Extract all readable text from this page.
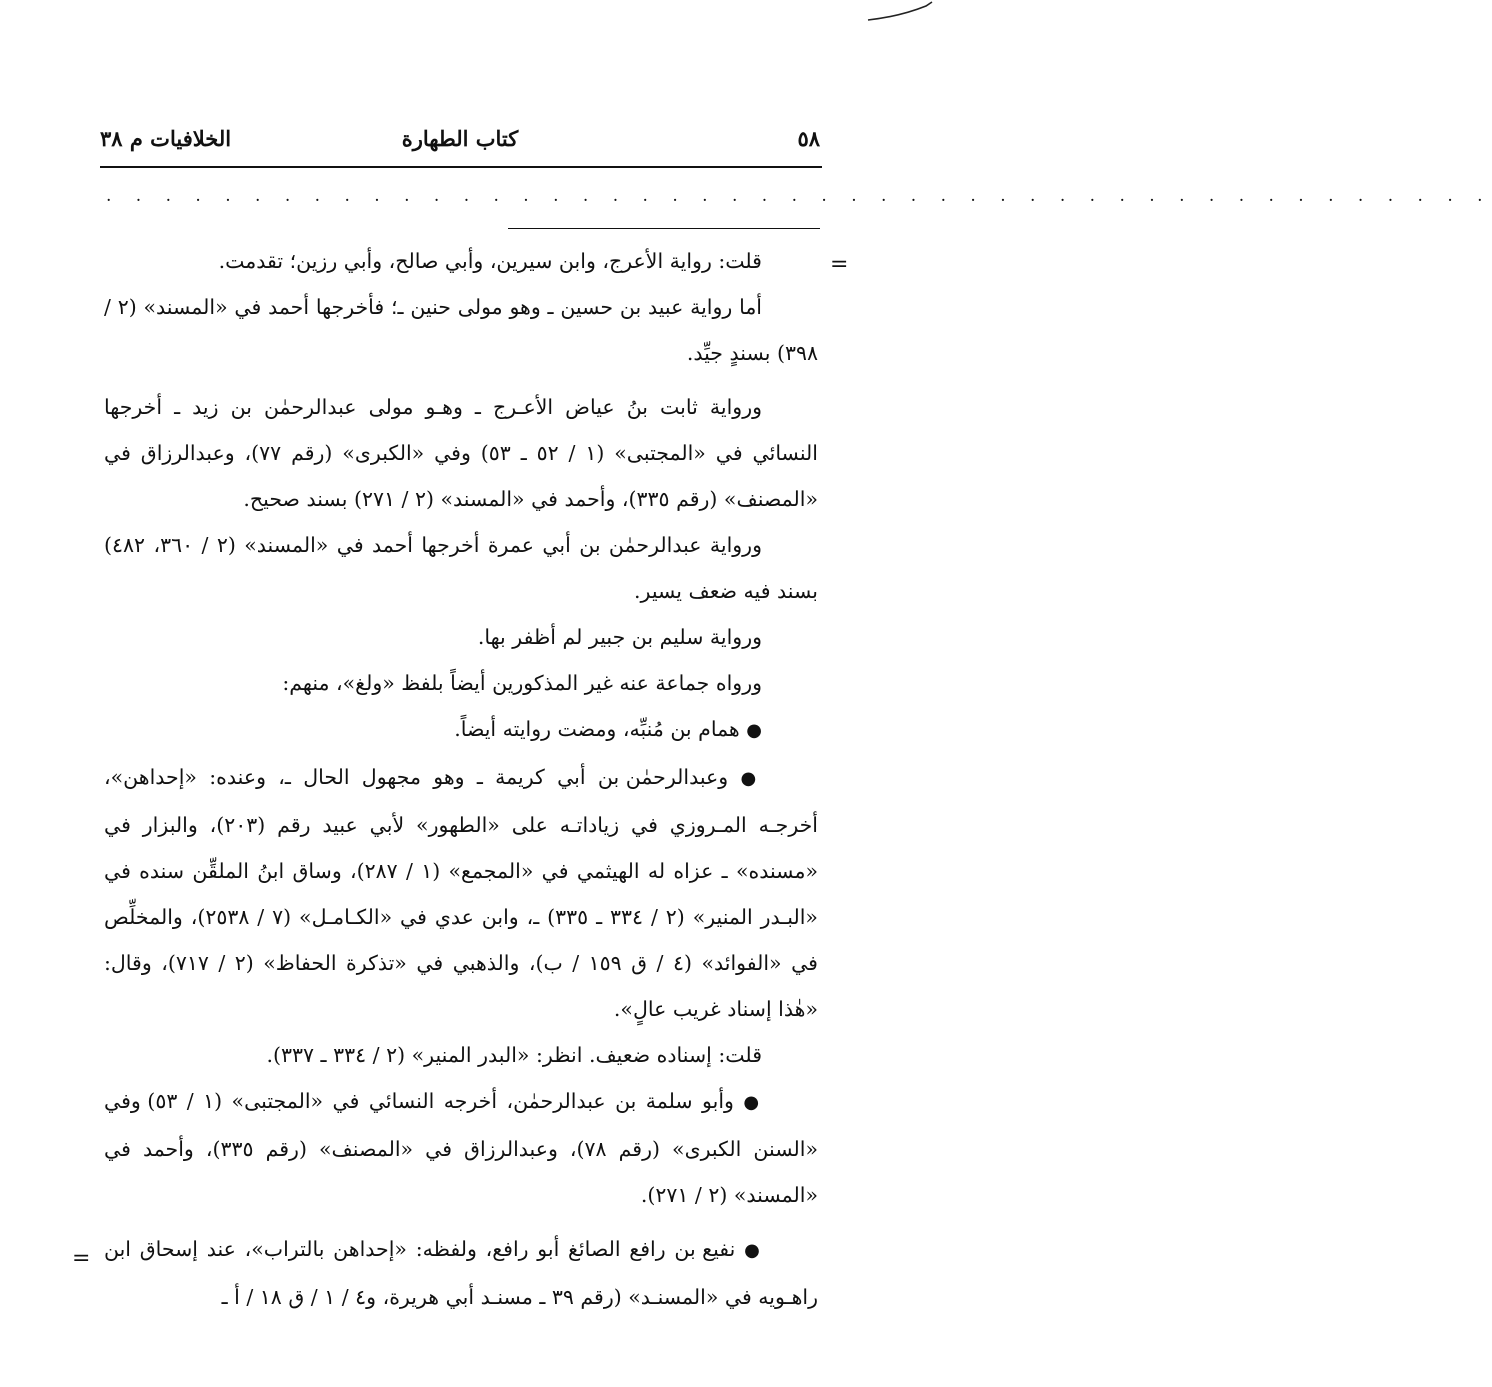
٥٨
كتاب الطهارة
الخلافيات م ٣٨
. . . . . . . . . . . . . . . . . . . . . . . . . . . . . . . . . . . . . . . . . . . . . . .
=
=

قلت: رواية الأعرج، وابن سيرين، وأبي صالح، وأبي رزين؛ تقدمت.

أما رواية عبيد بن حسين ـ وهو مولى حنين ـ؛ فأخرجها أحمد في «المسند» (٢ / ٣٩٨) بسندٍ جيِّد.

ورواية ثابت بنُ عياض الأعـرج ـ وهـو مولى عبدالرحمٰن بن زيد ـ أخرجها النسائي في «المجتبى» (١ / ٥٢ ـ ٥٣) وفي «الكبرى» (رقم ٧٧)، وعبدالرزاق في «المصنف» (رقم ٣٣٥)، وأحمد في «المسند» (٢ / ٢٧١) بسند صحيح.

ورواية عبدالرحمٰن بن أبي عمرة أخرجها أحمد في «المسند» (٢ / ٣٦٠، ٤٨٢) بسند فيه ضعف يسير.

ورواية سليم بن جبير لم أظفر بها.

ورواه جماعة عنه غير المذكورين أيضاً بلفظ «ولغ»، منهم:

● همام بن مُنبِّه، ومضت روايته أيضاً.

● وعبدالرحمٰن بن أبي كريمة ـ وهو مجهول الحال ـ، وعنده: «إحداهن»، أخرجـه المـروزي في زياداتـه على «الطهور» لأبي عبيد رقم (٢٠٣)، والبزار في «مسنده» ـ عزاه له الهيثمي في «المجمع» (١ / ٢٨٧)، وساق ابنُ الملقِّن سنده في «البـدر المنير» (٢ / ٣٣٤ ـ ٣٣٥) ـ، وابن عدي في «الكـامـل» (٧ / ٢٥٣٨)، والمخلِّص في «الفوائد» (٤ / ق ١٥٩ / ب)، والذهبي في «تذكرة الحفاظ» (٢ / ٧١٧)، وقال: «هٰذا إسناد غريب عالٍ».

قلت: إسناده ضعيف. انظر: «البدر المنير» (٢ / ٣٣٤ ـ ٣٣٧).

● وأبو سلمة بن عبدالرحمٰن، أخرجه النسائي في «المجتبى» (١ / ٥٣) وفي «السنن الكبرى» (رقم ٧٨)، وعبدالرزاق في «المصنف» (رقم ٣٣٥)، وأحمد في «المسند» (٢ / ٢٧١).

● نفيع بن رافع الصائغ أبو رافع، ولفظه: «إحداهن بالتراب»، عند إسحاق ابن راهـويه في «المسنـد» (رقم ٣٩ ـ مسنـد أبي هريرة، و٤ / ١ / ق ١٨ / أ ـ
